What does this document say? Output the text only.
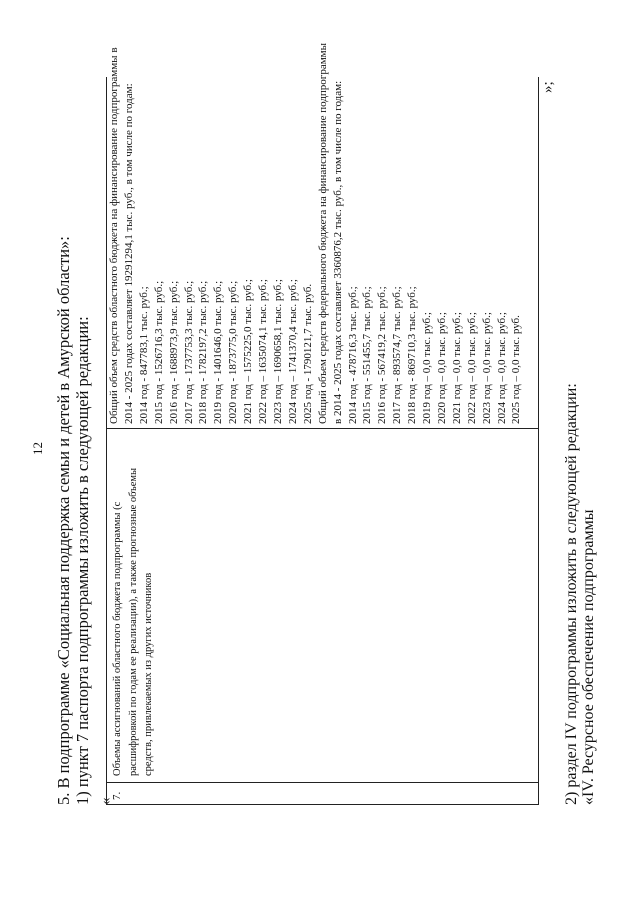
12 5. В подпрограмме «Социальная поддержка семьи и детей в Амурской области»: 1) пункт 7 паспорта подпрограммы изложить в следующей редакции: «
7.
Объемы ассигнований областного бюджета подпрограммы (с расшифровкой по годам ее реализации), а также прогнозные объемы средств, привлекаемых из других источников
Общий объем средств областного бюджета на финансирование подпрограммы в 2014 - 2025 годах составляет 19291294,1 тыс. руб., в том числе по годам: 2014 год - 847783,1 тыс. руб.; 2015 год - 1526716,3 тыс. руб.; 2016 год - 1688973,9 тыс. руб.; 2017 год - 1737753,3 тыс. руб.; 2018 год - 1782197,2 тыс. руб.; 2019 год - 1401646,0 тыс. руб.; 2020 год - 1873775,0 тыс. руб.; 2021 год – 1575225,0 тыс. руб.; 2022 год – 1635074,1 тыс. руб.; 2023 год – 1690658,1 тыс. руб.; 2024 год – 1741370,4 тыс. руб.; 2025 год - 1790121,7 тыс. руб. Общий объем средств федерального бюджета на финансирование подпрограммы в 2014 - 2025 годах составляет 3360876,2 тыс. руб., в том числе по годам: 2014 год - 478716,3 тыс. руб.; 2015 год - 551455,7 тыс. руб.; 2016 год - 567419,2 тыс. руб.; 2017 год - 893574,7 тыс. руб.; 2018 год - 869710,3 тыс. руб.; 2019 год – 0,0 тыс. руб.; 2020 год – 0,0 тыс. руб.; 2021 год – 0,0 тыс. руб.; 2022 год – 0,0 тыс. руб.; 2023 год – 0,0 тыс. руб.; 2024 год – 0,0 тыс. руб.; 2025 год – 0,0 тыс. руб.
»;
2) раздел IV подпрограммы изложить в следующей редакции: «IV. Ресурсное обеспечение подпрограммы
